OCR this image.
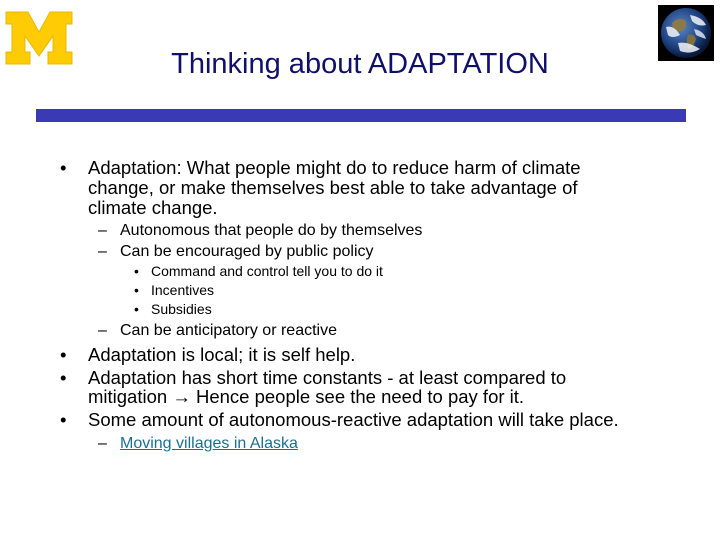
Thinking about ADAPTATION
• Adaptation: What people might do to reduce harm of climate
change, or make themselves best able to take advantage of
climate change.
– Autonomous that people do by themselves
– Can be encouraged by public policy
• Command and control tell you to do it
• Incentives
• Subsidies
– Can be anticipatory or reactive
• Adaptation is local; it is self help.
• Adaptation has short time constants - at least compared to
mitigation → Hence people see the need to pay for it.
• Some amount of autonomous-reactive adaptation will take place.
– Moving villages in Alaska
